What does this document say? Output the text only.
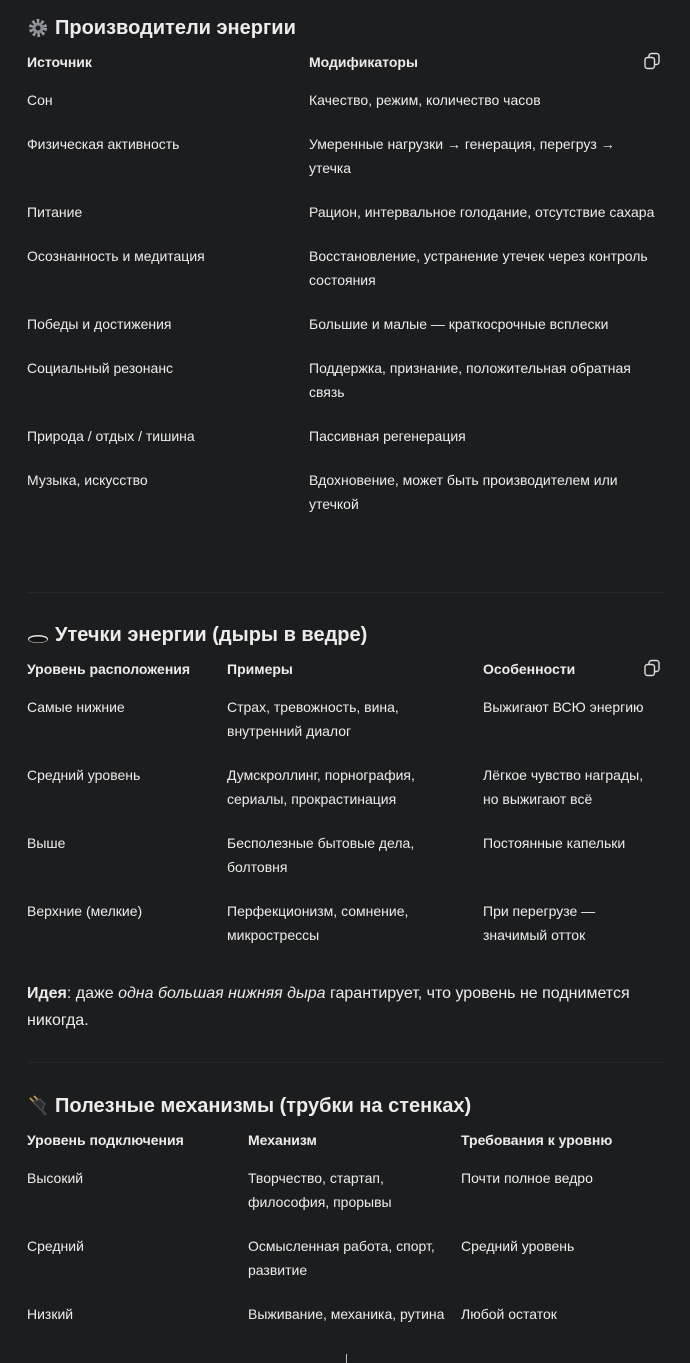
Производители энергии
Источник	Модификаторы
Сон	Качество, режим, количество часов
Физическая активность	Умеренные нагрузки → генерация, перегруз → утечка
Питание	Рацион, интервальное голодание, отсутствие сахара
Осознанность и медитация	Восстановление, устранение утечек через контроль состояния
Победы и достижения	Большие и малые — краткосрочные всплески
Социальный резонанс	Поддержка, признание, положительная обратная связь
Природа / отдых / тишина	Пассивная регенерация
Музыка, искусство	Вдохновение, может быть производителем или утечкой
Утечки энергии (дыры в ведре)
Уровень расположения	Примеры	Особенности
Самые нижние	Страх, тревожность, вина, внутренний диалог	Выжигают ВСЮ энергию
Средний уровень	Думскроллинг, порнография, сериалы, прокрастинация	Лёгкое чувство награды, но выжигают всё
Выше	Бесполезные бытовые дела, болтовня	Постоянные капельки
Верхние (мелкие)	Перфекционизм, сомнение, микрострессы	При перегрузе — значимый отток

Идея: даже одна большая нижняя дыра гарантирует, что уровень не поднимется никогда.

Полезные механизмы (трубки на стенках)
Уровень подключения	Механизм	Требования к уровню
Высокий	Творчество, стартап, философия, прорывы	Почти полное ведро
Средний	Осмысленная работа, спорт, развитие	Средний уровень
Низкий	Выживание, механика, рутина	Любой остаток
